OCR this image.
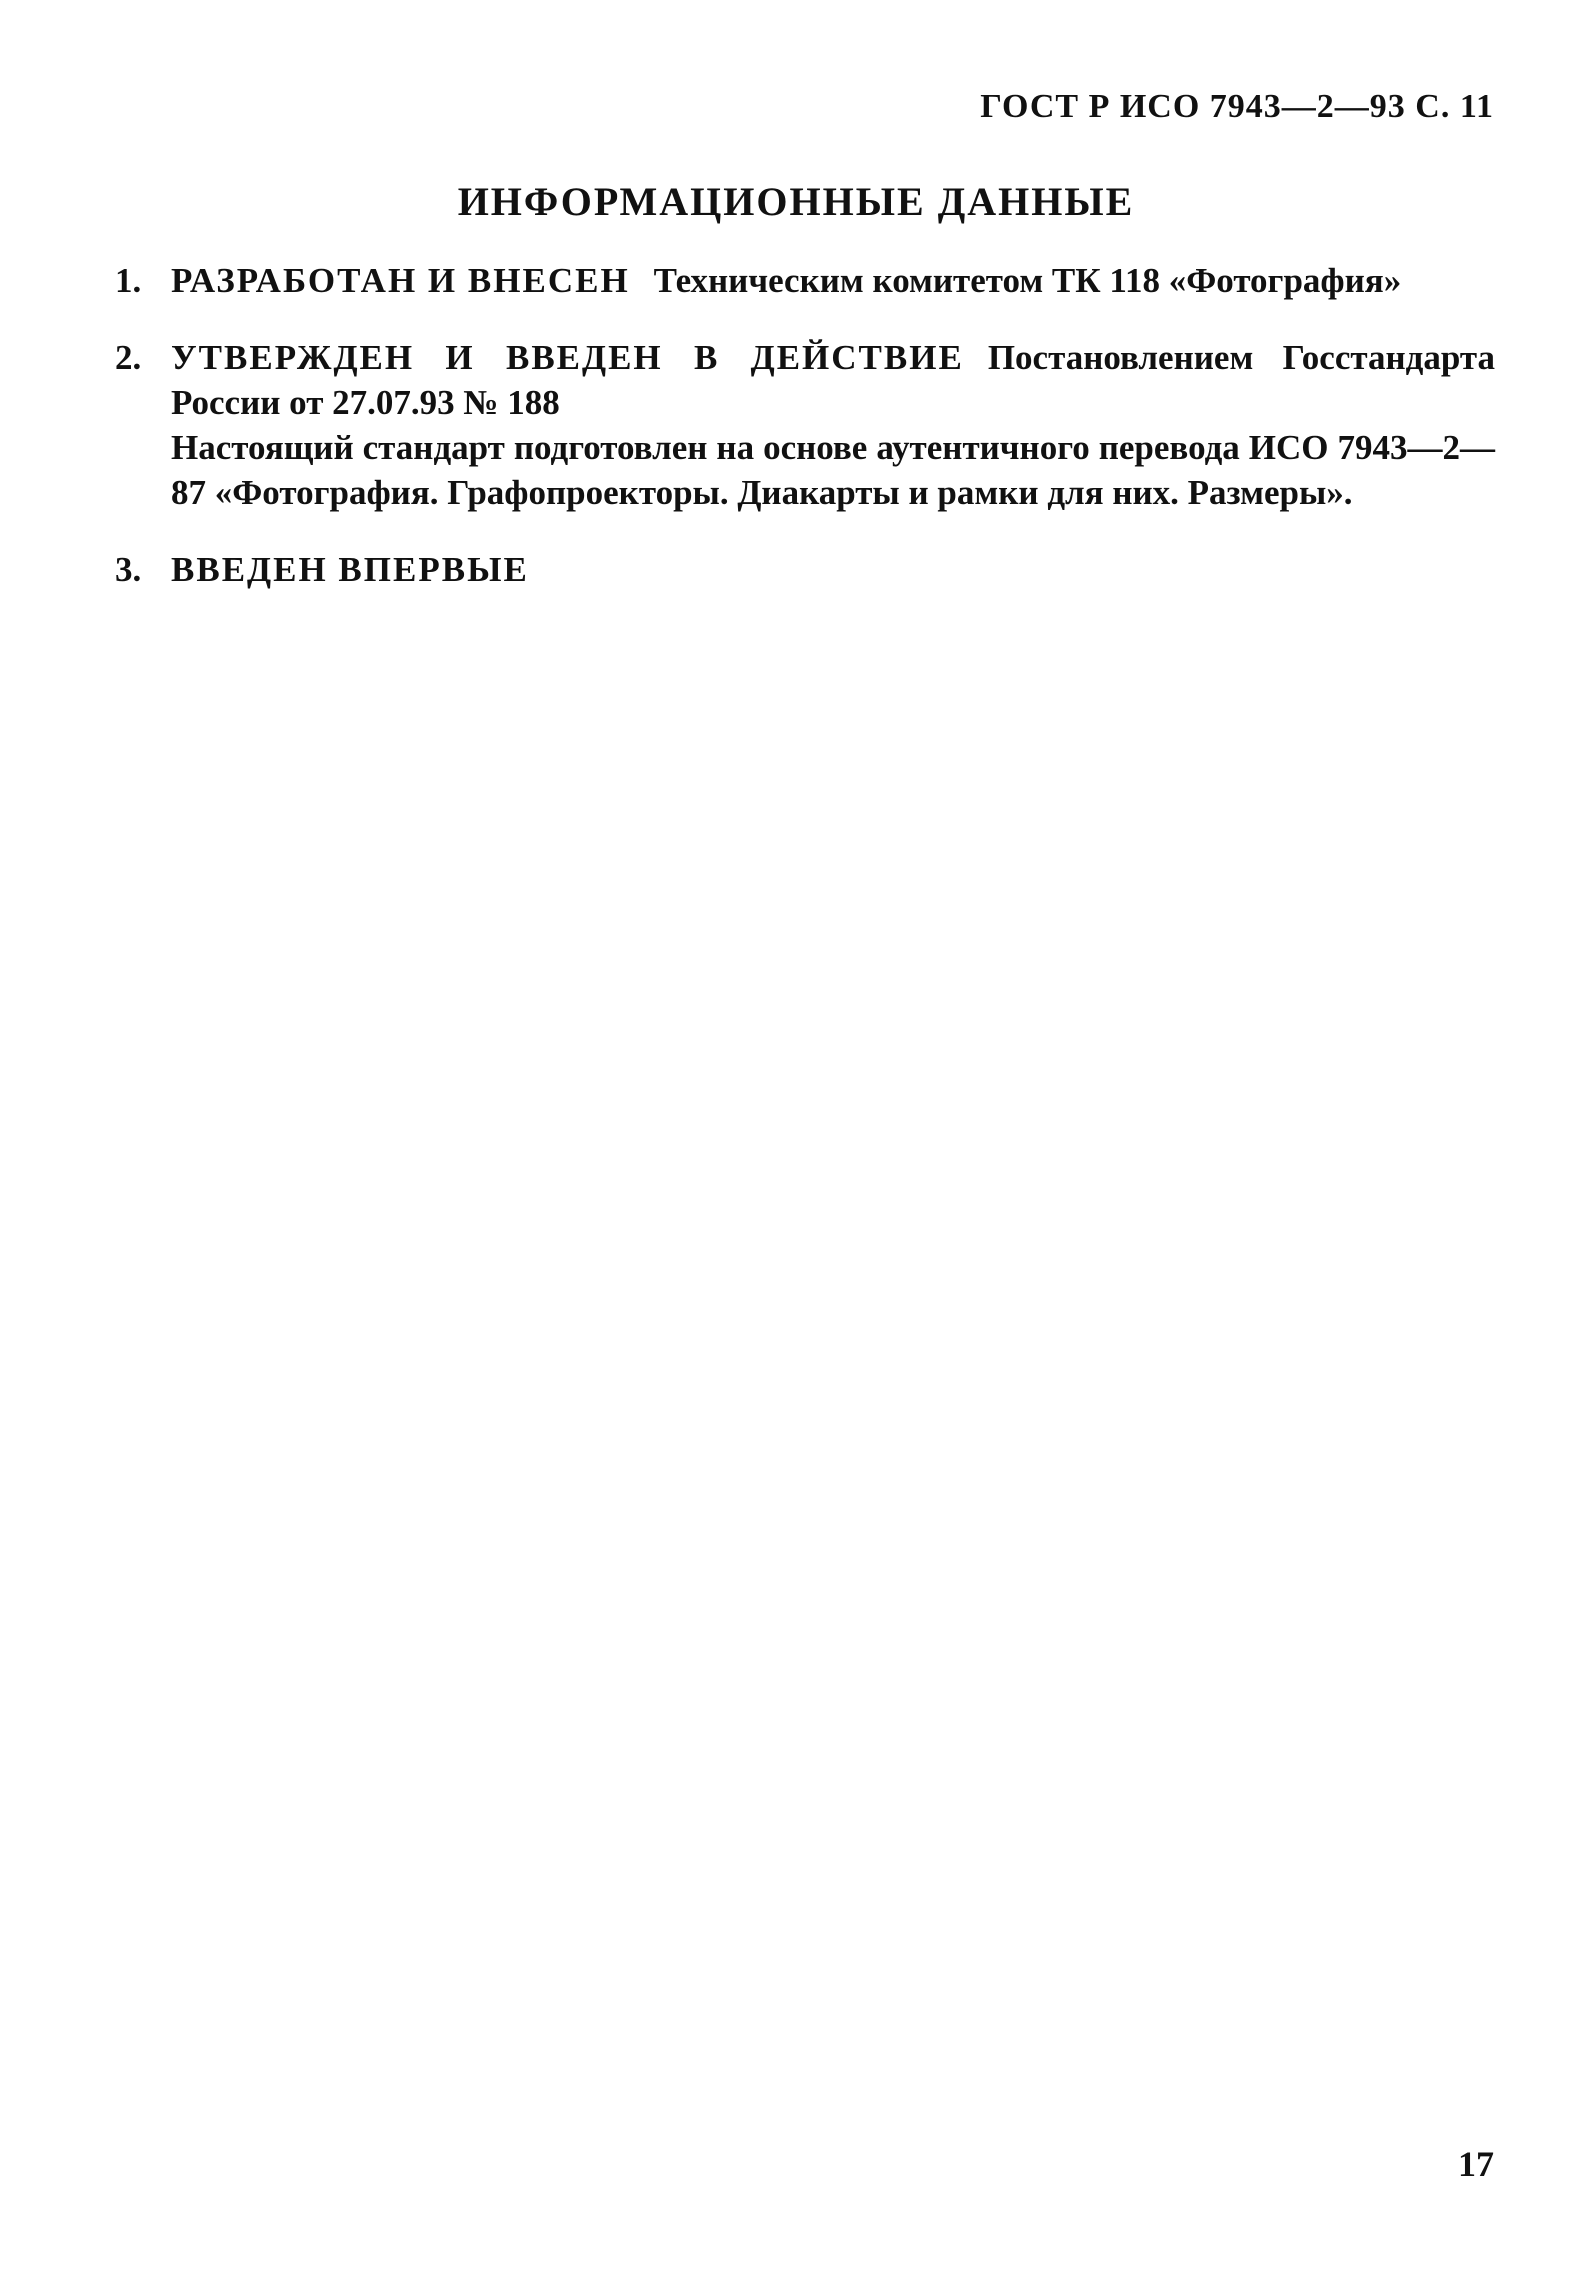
ГОСТ Р ИСО 7943—2—93 С. 11
ИНФОРМАЦИОННЫЕ ДАННЫЕ
1. РАЗРАБОТАН И ВНЕСЕН Техническим комитетом ТК 118 «Фотография»
2. УТВЕРЖДЕН И ВВЕДЕН В ДЕЙСТВИЕ Постановлением Госстандарта России от 27.07.93 № 188
Настоящий стандарт подготовлен на основе аутентичного перевода ИСО 7943—2—87 «Фотография. Графопроекторы. Диакарты и рамки для них. Размеры».
3. ВВЕДЕН ВПЕРВЫЕ
17
